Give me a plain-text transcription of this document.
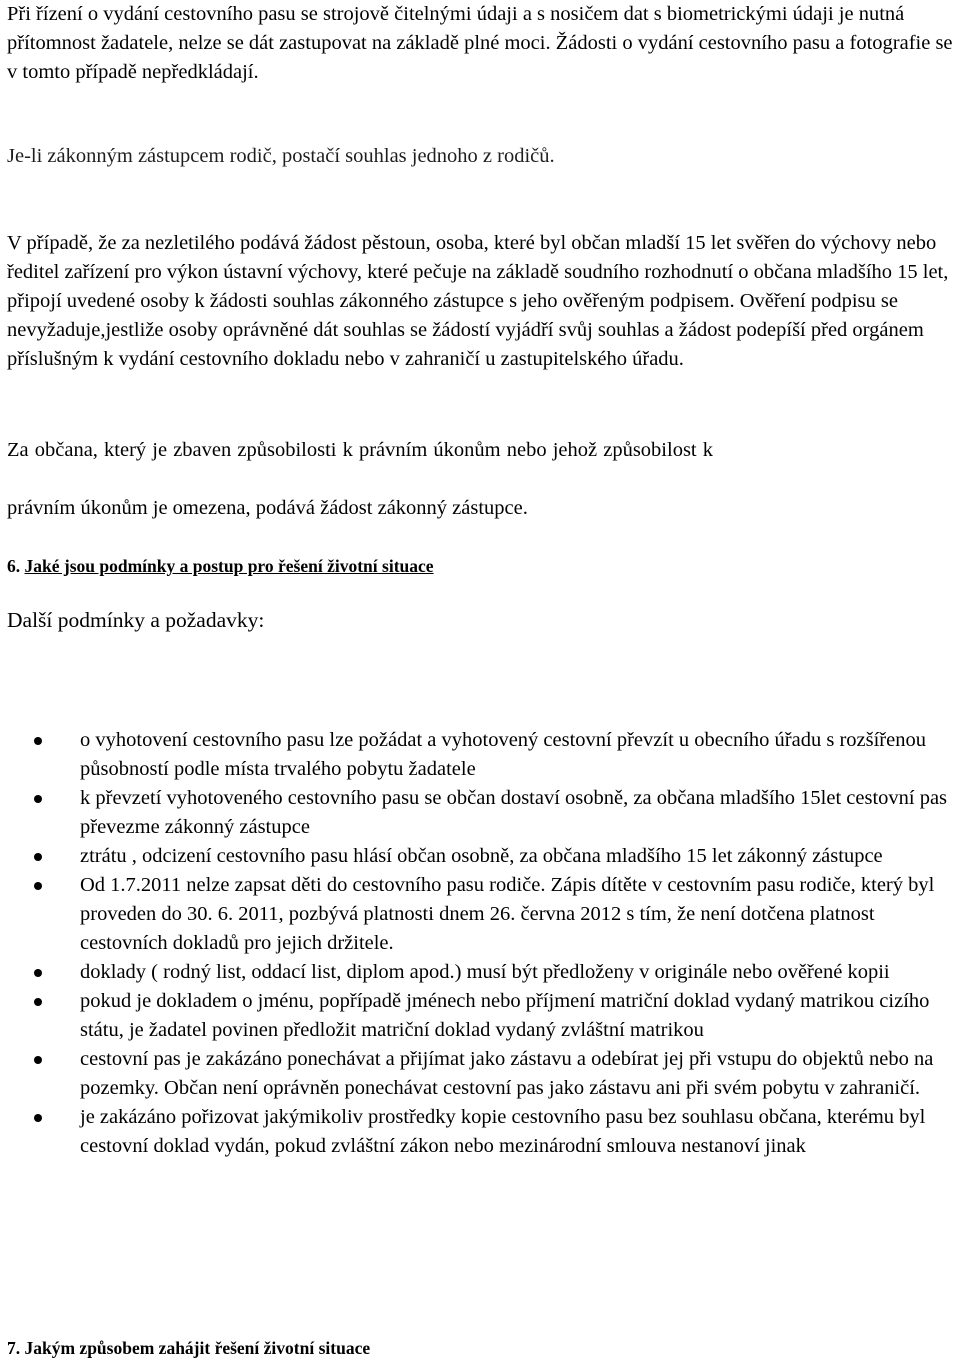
Při řízení o vydání cestovního pasu se strojově čitelnými údaji a s nosičem dat s biometrickými údaji je nutná přítomnost žadatele, nelze se dát zastupovat na základě plné moci. Žádosti o vydání cestovního pasu a fotografie se v tomto případě nepředkládají.

Je-li zákonným zástupcem rodič, postačí souhlas jednoho z rodičů.

V případě, že za nezletilého podává žádost pěstoun, osoba, které byl občan mladší 15 let svěřen do výchovy nebo ředitel zařízení pro výkon ústavní výchovy, které pečuje na základě soudního rozhodnutí o občana mladšího 15 let, připojí uvedené osoby k žádosti souhlas zákonného zástupce s jeho ověřeným podpisem. Ověření podpisu se nevyžaduje,jestliže osoby oprávněné dát souhlas se žádostí vyjádří svůj souhlas a žádost podepíší před orgánem příslušným k vydání cestovního dokladu nebo v zahraničí u zastupitelského úřadu.

Za občana, který je zbaven způsobilosti k právním úkonům nebo jehož způsobilost k

právním úkonům je omezena, podává žádost zákonný zástupce.

6. Jaké jsou podmínky a postup pro řešení životní situace

Další podmínky a požadavky:

o vyhotovení cestovního pasu lze požádat a vyhotovený cestovní převzít u obecního úřadu s rozšířenou působností podle místa trvalého pobytu žadatele
k převzetí vyhotoveného cestovního pasu se občan dostaví osobně, za občana mladšího 15let cestovní pas převezme zákonný zástupce
ztrátu , odcizení cestovního pasu hlásí občan osobně, za občana mladšího 15 let zákonný zástupce
Od 1.7.2011 nelze zapsat děti do cestovního pasu rodiče. Zápis dítěte v cestovním pasu rodiče, který byl proveden do 30. 6. 2011, pozbývá platnosti dnem 26. června 2012 s tím, že není dotčena platnost cestovních dokladů pro jejich držitele.
doklady ( rodný list, oddací list, diplom apod.) musí být předloženy v originále nebo ověřené kopii
pokud je dokladem o jménu, popřípadě jménech nebo příjmení matriční doklad vydaný matrikou cizího státu, je žadatel povinen předložit matriční doklad vydaný zvláštní matrikou
cestovní pas je zakázáno ponechávat a přijímat jako zástavu a odebírat jej při vstupu do objektů nebo na pozemky. Občan není oprávněn ponechávat cestovní pas jako zástavu ani při svém pobytu v zahraničí.
je zakázáno pořizovat jakýmikoliv prostředky kopie cestovního pasu bez souhlasu občana, kterému byl cestovní doklad vydán, pokud zvláštní zákon nebo mezinárodní smlouva nestanoví jinak

7. Jakým způsobem zahájit řešení životní situace
